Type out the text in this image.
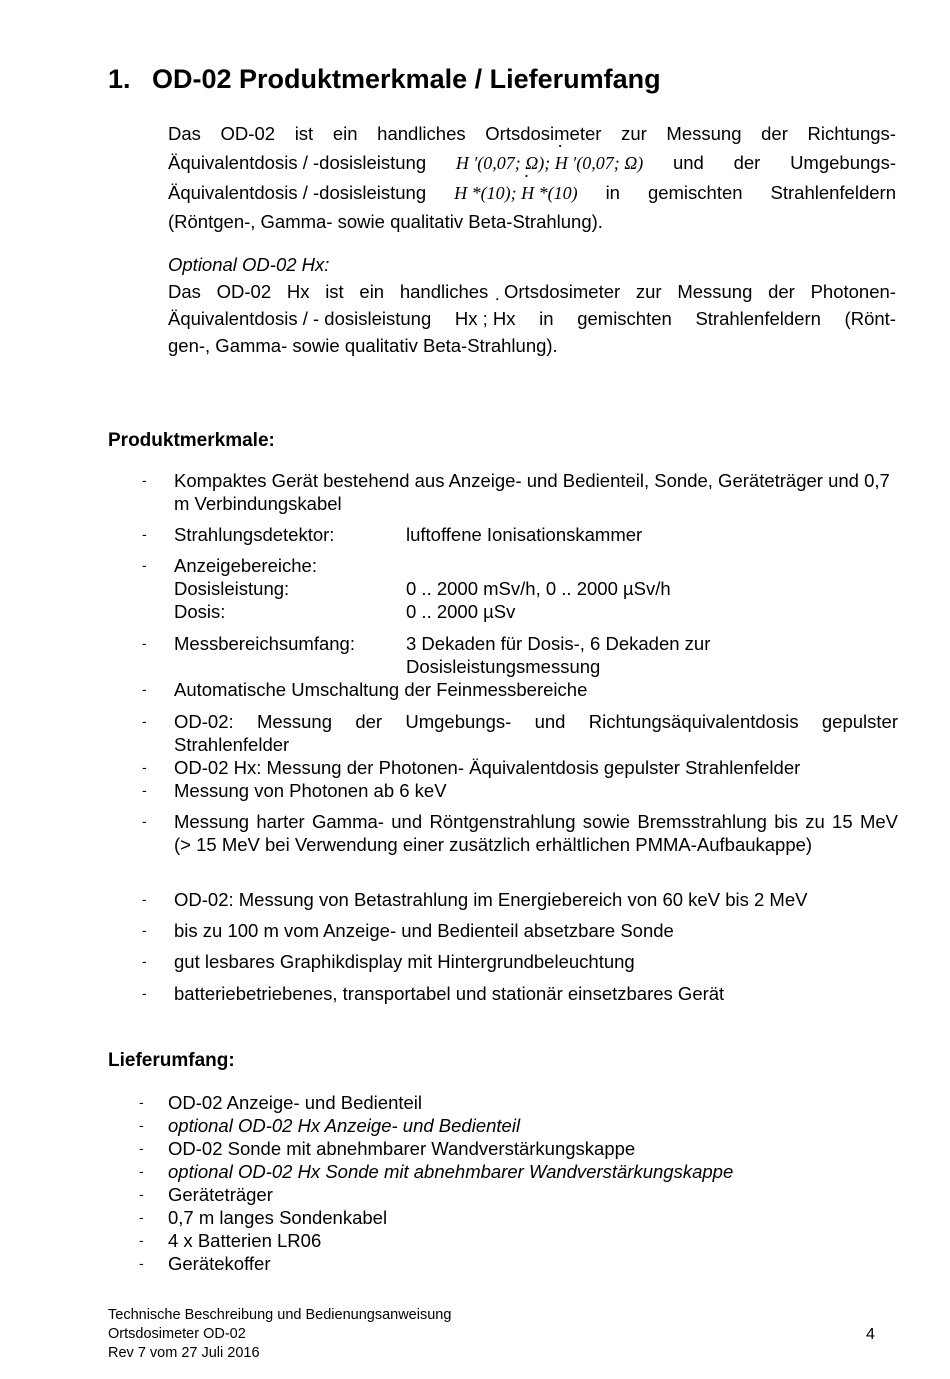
1. OD-02 Produktmerkmale / Lieferumfang
Das OD-02 ist ein handliches Ortsdosimeter zur Messung der Richtungs-
Äquivalentdosis / -dosisleistung H ′(0,07; Ω); ˙ H ′(0,07; Ω) und der Umgebungs-
Äquivalentdosis / -dosisleistung H *(10); ˙ H *(10) in gemischten Strahlenfeldern
(Röntgen-, Gamma- sowie qualitativ Beta-Strahlung).
Optional OD-02 Hx:
Das OD-02 Hx ist ein handliches Ortsdosimeter zur Messung der Photonen-
Äquivalentdosis / - dosisleistung Hx ; ˙ Hx in gemischten Strahlenfeldern (Rönt-
gen-, Gamma- sowie qualitativ Beta-Strahlung).
Produktmerkmale:
- Kompaktes Gerät bestehend aus Anzeige- und Bedienteil, Sonde, Geräteträger und 0,7 m Verbindungskabel
- Strahlungsdetektor:	luftoffene Ionisationskammer
- Anzeigebereiche:
Dosisleistung:	0 .. 2000 mSv/h, 0 .. 2000 µSv/h
Dosis:	0 .. 2000 µSv
- Messbereichsumfang:	3 Dekaden für Dosis-, 6 Dekaden zur Dosisleistungsmessung
- Automatische Umschaltung der Feinmessbereiche
- OD-02: Messung der Umgebungs- und Richtungsäquivalentdosis gepulster Strahlenfelder
- OD-02 Hx: Messung der Photonen- Äquivalentdosis gepulster Strahlenfelder
- Messung von Photonen ab 6 keV
- Messung harter Gamma- und Röntgenstrahlung sowie Bremsstrahlung bis zu 15 MeV (> 15 MeV bei Verwendung einer zusätzlich erhältlichen PMMA-Aufbaukappe)
- OD-02: Messung von Betastrahlung im Energiebereich von 60 keV bis 2 MeV
- bis zu 100 m vom Anzeige- und Bedienteil absetzbare Sonde
- gut lesbares Graphikdisplay mit Hintergrundbeleuchtung
- batteriebetriebenes, transportabel und stationär einsetzbares Gerät
Lieferumfang:
- OD-02 Anzeige- und Bedienteil
- optional OD-02 Hx Anzeige- und Bedienteil
- OD-02 Sonde mit abnehmbarer Wandverstärkungskappe
- optional OD-02 Hx Sonde mit abnehmbarer Wandverstärkungskappe
- Geräteträger
- 0,7 m langes Sondenkabel
- 4 x Batterien LR06
- Gerätekoffer
Technische Beschreibung und Bedienungsanweisung
Ortsdosimeter OD-02
Rev 7 vom 27 Juli 2016
4
